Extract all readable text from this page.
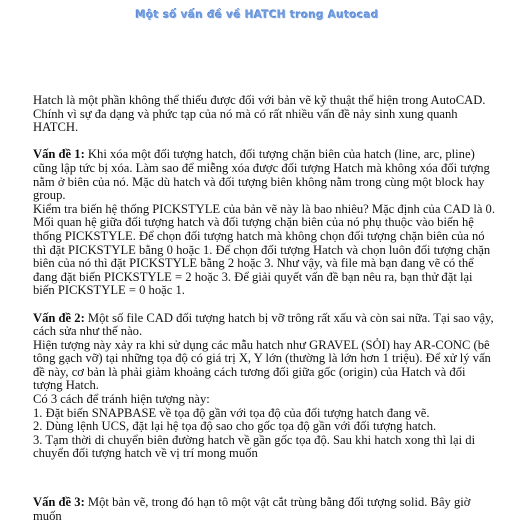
Một số vấn đề về HATCH trong Autocad

Hatch là một phần không thể thiếu được đối với bản vẽ kỹ thuật thể hiện trong AutoCAD. Chính vì sự đa dạng và phức tạp của nó mà có rất nhiều vấn đề nảy sinh xung quanh HATCH.

Vấn đề 1: Khi xóa một đối tượng hatch, đối tượng chặn biên của hatch (line, arc, pline) cũng lập tức bị xóa. Làm sao để miễng xóa được đối tượng Hatch mà không xóa đối tượng nằm ở biên của nó. Mặc dù hatch và đối tượng biên không nằm trong cùng một block hay group.

Kiểm tra biến hệ thống PICKSTYLE của bản vẽ này là bao nhiêu? Mặc định của CAD là 0. Mối quan hệ giữa đối tượng hatch và đối tượng chặn biên của nó phụ thuộc vào biến hệ thống PICKSTYLE. Để chọn đối tượng hatch mà không chọn đối tượng chặn biên của nó thì đặt PICKSTYLE bằng 0 hoặc 1. Để chọn đối tượng Hatch và chọn luôn đối tượng chặn biên của nó thì đặt PICKSTYLE bằng 2 hoặc 3. Như vậy, và file mà bạn đang vẽ có thể đang đặt biến PICKSTYLE = 2 hoặc 3. Để giải quyết vấn đề bạn nêu ra, bạn thử đặt lại biến PICKSTYLE = 0 hoặc 1.

Vấn đề 2: Một số file CAD đối tượng hatch bị vỡ trông rất xấu và còn sai nữa. Tại sao vậy, cách sửa như thế nào.

Hiện tượng này xảy ra khi sử dụng các mẫu hatch như GRAVEL (SỎI) hay AR-CONC (bê tông gạch vỡ) tại những tọa độ có giá trị X, Y lớn (thường là lớn hơn 1 triệu). Để xử lý vấn đề này, cơ bản là phải giảm khoảng cách tương đối giữa gốc (origin) của Hatch và đối tượng Hatch.

Có 3 cách để tránh hiện tượng này:

1. Đặt biến SNAPBASE về tọa độ gần với tọa độ của đối tượng hatch đang vẽ.

2. Dùng lệnh UCS, đặt lại hệ tọa độ sao cho gốc tọa độ gần với đối tượng hatch.

3. Tạm thời di chuyển biên đường hatch về gần gốc tọa độ. Sau khi hatch xong thì lại di chuyển đối tượng hatch về vị trí mong muốn

Vấn đề 3: Một bản vẽ, trong đó hạn tô một vật cắt trùng bằng đối tượng solid. Bây giờ muốn
